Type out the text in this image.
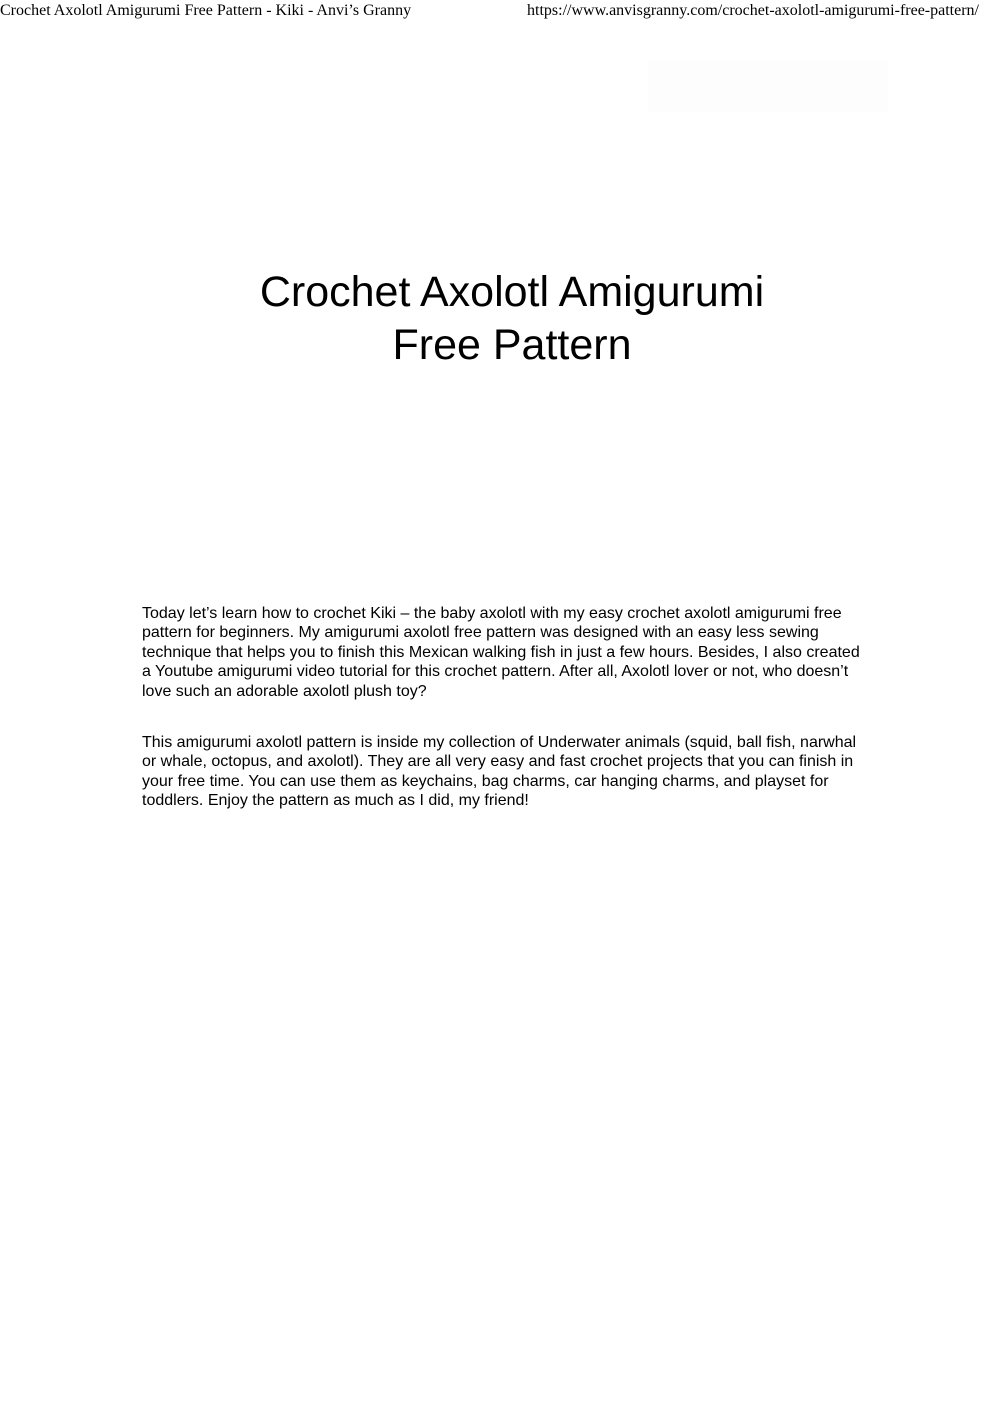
Crochet Axolotl Amigurumi Free Pattern - Kiki - Anvi’s Granny	https://www.anvisgranny.com/crochet-axolotl-amigurumi-free-pattern/
Crochet Axolotl Amigurumi
Free Pattern
Today let’s learn how to crochet Kiki – the baby axolotl with my easy crochet axolotl amigurumi free
pattern for beginners. My amigurumi axolotl free pattern was designed with an easy less sewing
technique that helps you to finish this Mexican walking fish in just a few hours. Besides, I also created
a Youtube amigurumi video tutorial for this crochet pattern. After all, Axolotl lover or not, who doesn’t
love such an adorable axolotl plush toy?
This amigurumi axolotl pattern is inside my collection of Underwater animals (squid, ball fish, narwhal
or whale, octopus, and axolotl). They are all very easy and fast crochet projects that you can finish in
your free time. You can use them as keychains, bag charms, car hanging charms, and playset for
toddlers. Enjoy the pattern as much as I did, my friend!
